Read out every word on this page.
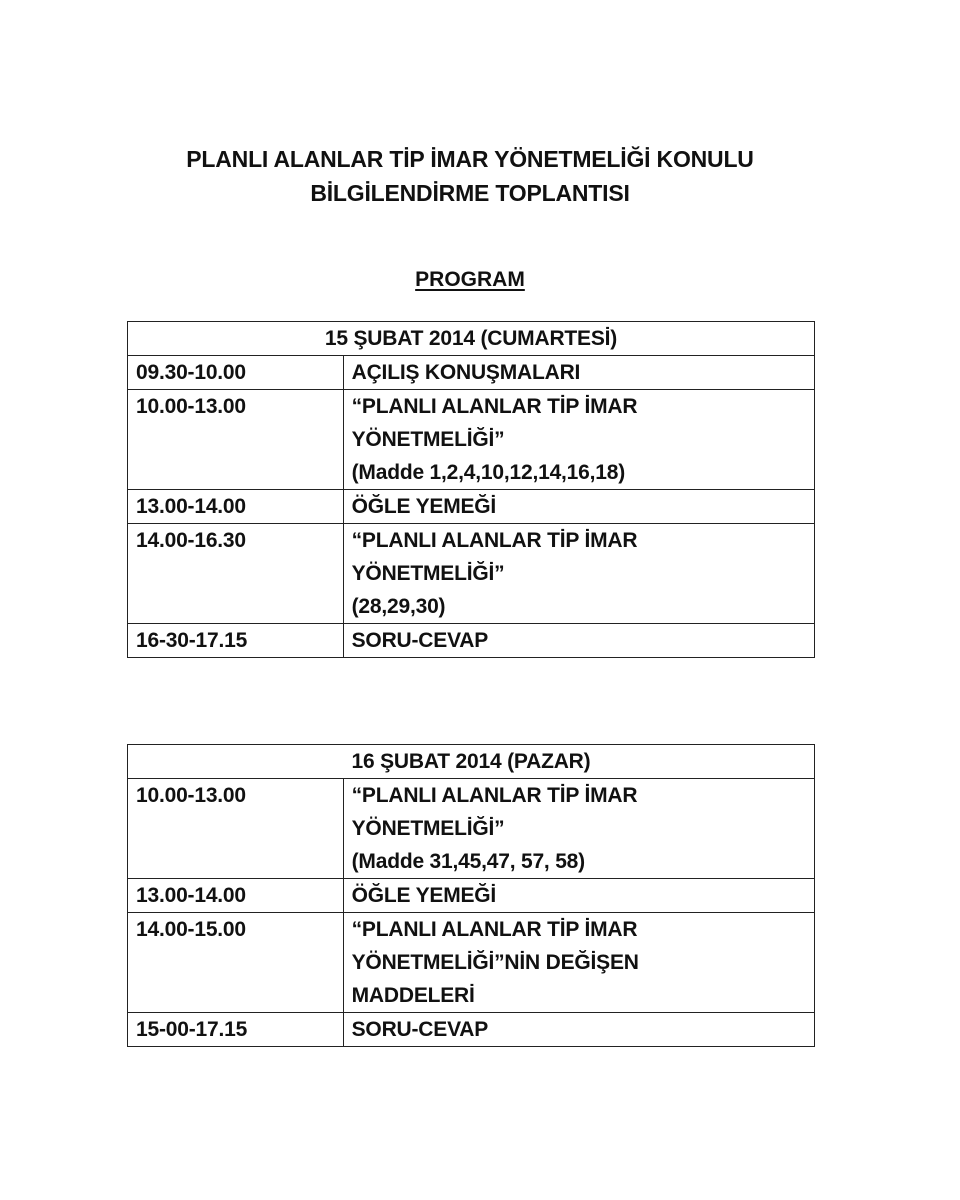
PLANLI ALANLAR TİP İMAR YÖNETMELİĞİ KONULU
BİLGİLENDİRME TOPLANTISI
PROGRAM
15 ŞUBAT 2014 (CUMARTESİ)	
09.30-10.00	AÇILIŞ KONUŞMALARI

10.00-13.00	“PLANLI ALANLAR TİP İMAR
YÖNETMELİĞİ”
(Madde 1,2,4,10,12,14,16,18)

13.00-14.00	ÖĞLE YEMEĞİ

14.00-16.30	“PLANLI ALANLAR TİP İMAR
YÖNETMELİĞİ”
(28,29,30)

16-30-17.15	SORU-CEVAP
16 ŞUBAT 2014 (PAZAR)	
10.00-13.00	“PLANLI ALANLAR TİP İMAR
YÖNETMELİĞİ”
(Madde 31,45,47, 57, 58)

13.00-14.00	ÖĞLE YEMEĞİ

14.00-15.00	“PLANLI ALANLAR TİP İMAR
YÖNETMELİĞİ”NİN DEĞİŞEN
MADDELERİ

15-00-17.15	SORU-CEVAP
